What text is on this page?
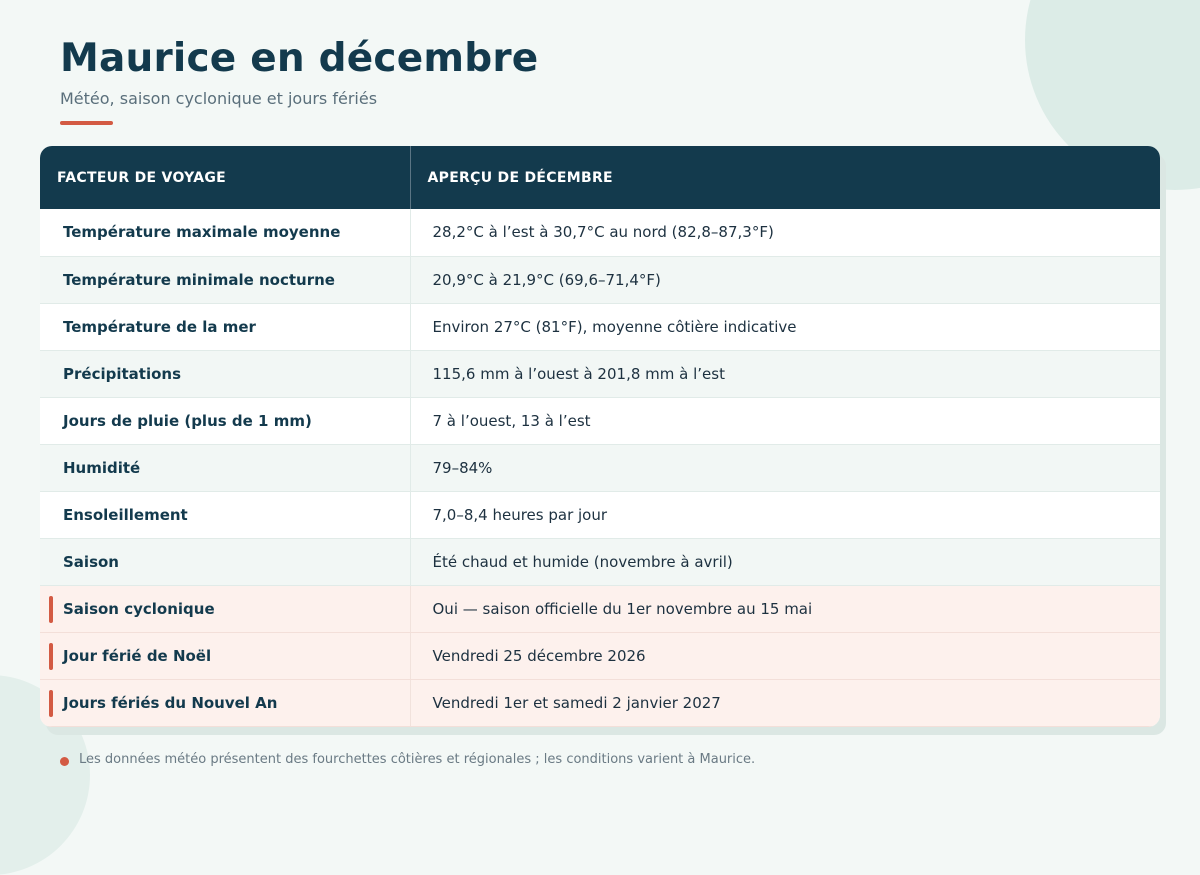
Maurice en décembre

Météo, saison cyclonique et jours fériés

FACTEUR DE VOYAGE	APERÇU DE DÉCEMBRE
Température maximale moyenne	28,2°C à l’est à 30,7°C au nord (82,8–87,3°F)
Température minimale nocturne	20,9°C à 21,9°C (69,6–71,4°F)
Température de la mer	Environ 27°C (81°F), moyenne côtière indicative
Précipitations	115,6 mm à l’ouest à 201,8 mm à l’est
Jours de pluie (plus de 1 mm)	7 à l’ouest, 13 à l’est
Humidité	79–84%
Ensoleillement	7,0–8,4 heures par jour
Saison	Été chaud et humide (novembre à avril)

Saison cyclonique	Oui — saison officielle du 1er novembre au 15 mai

Jour férié de Noël	Vendredi 25 décembre 2026

Jours fériés du Nouvel An	Vendredi 1er et samedi 2 janvier 2027
Les données météo présentent des fourchettes côtières et régionales ; les conditions varient à Maurice.
